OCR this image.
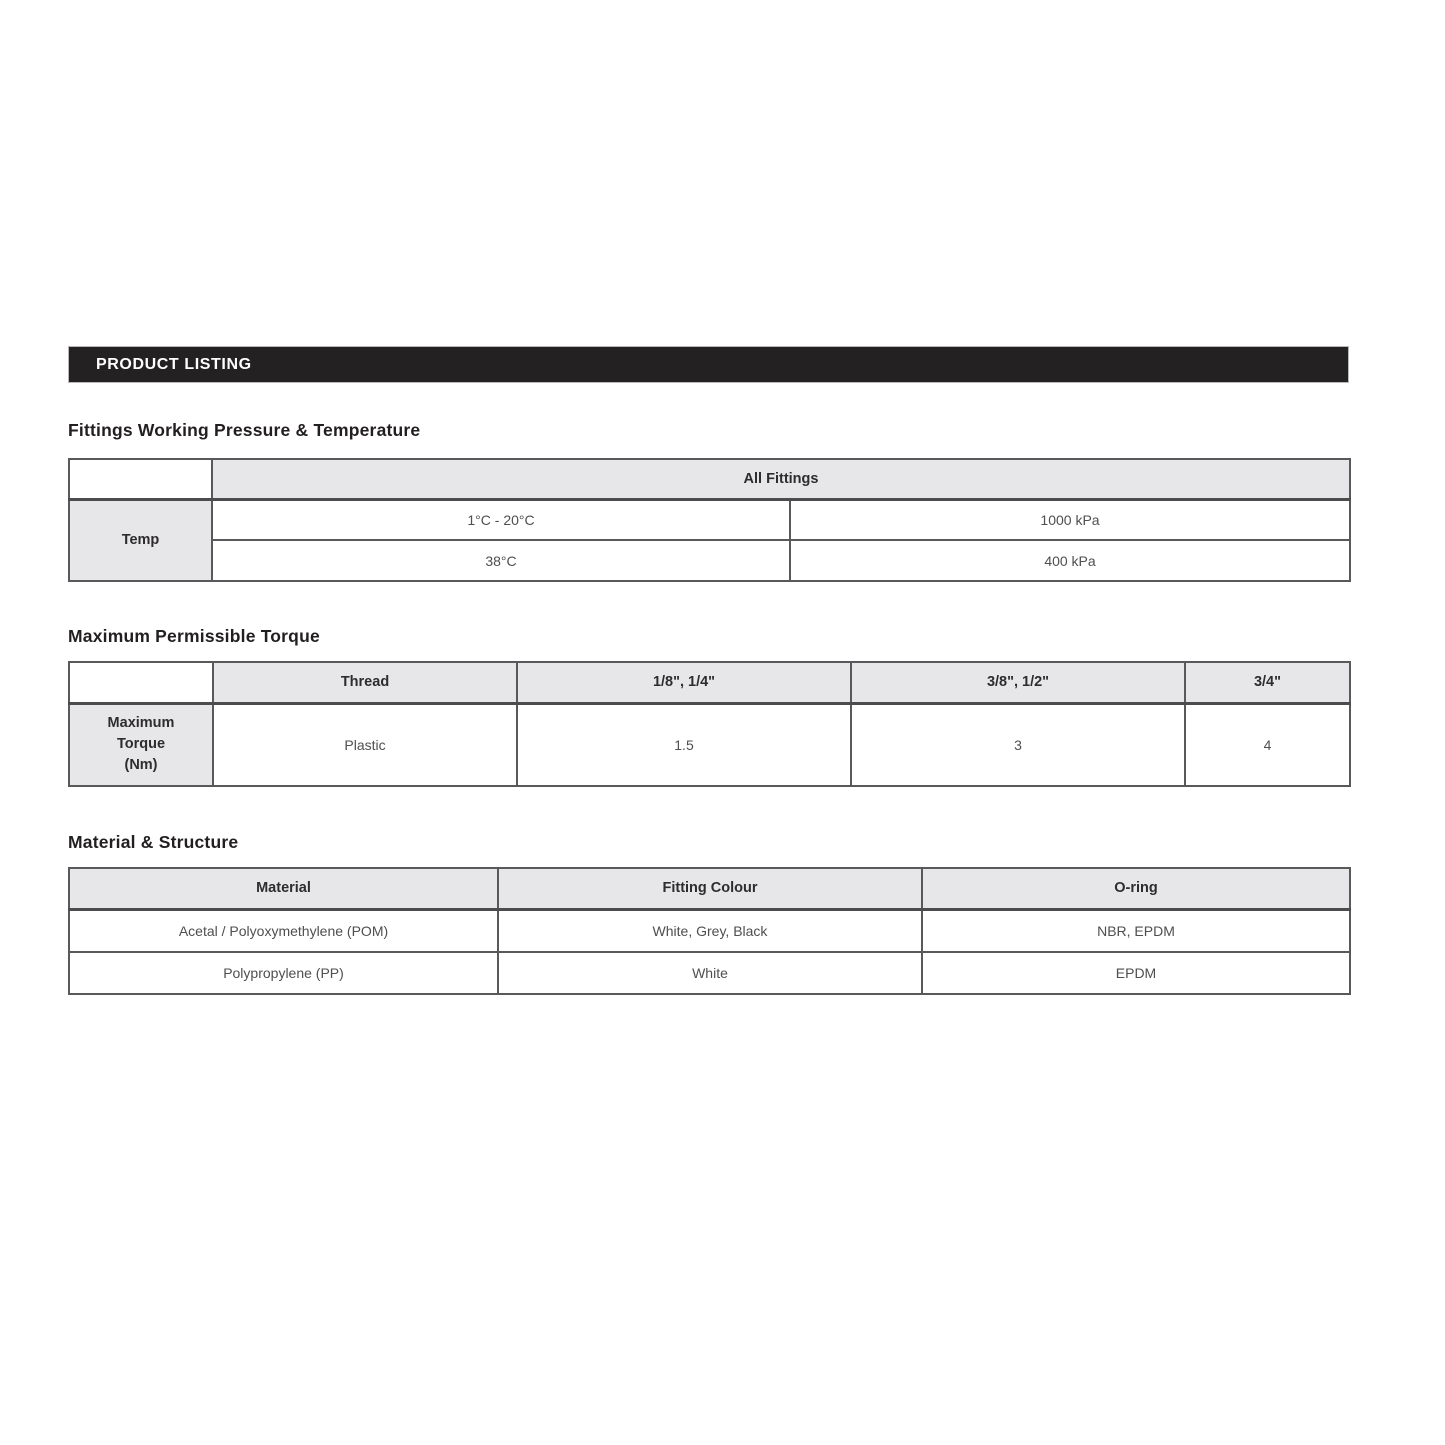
PRODUCT LISTING
Fittings Working Pressure & Temperature
	All Fittings	
Temp	1°C - 20°C	1000 kPa
	38°C	400 kPa
Maximum Permissible Torque
	Thread	1/8", 1/4"	3/8", 1/2"	3/4"

Maximum
Torque
(Nm)	Plastic	1.5	3	4
Material & Structure
Material	Fitting Colour	O-ring
Acetal / Polyoxymethylene (POM)	White, Grey, Black	NBR, EPDM
Polypropylene (PP)	White	EPDM
